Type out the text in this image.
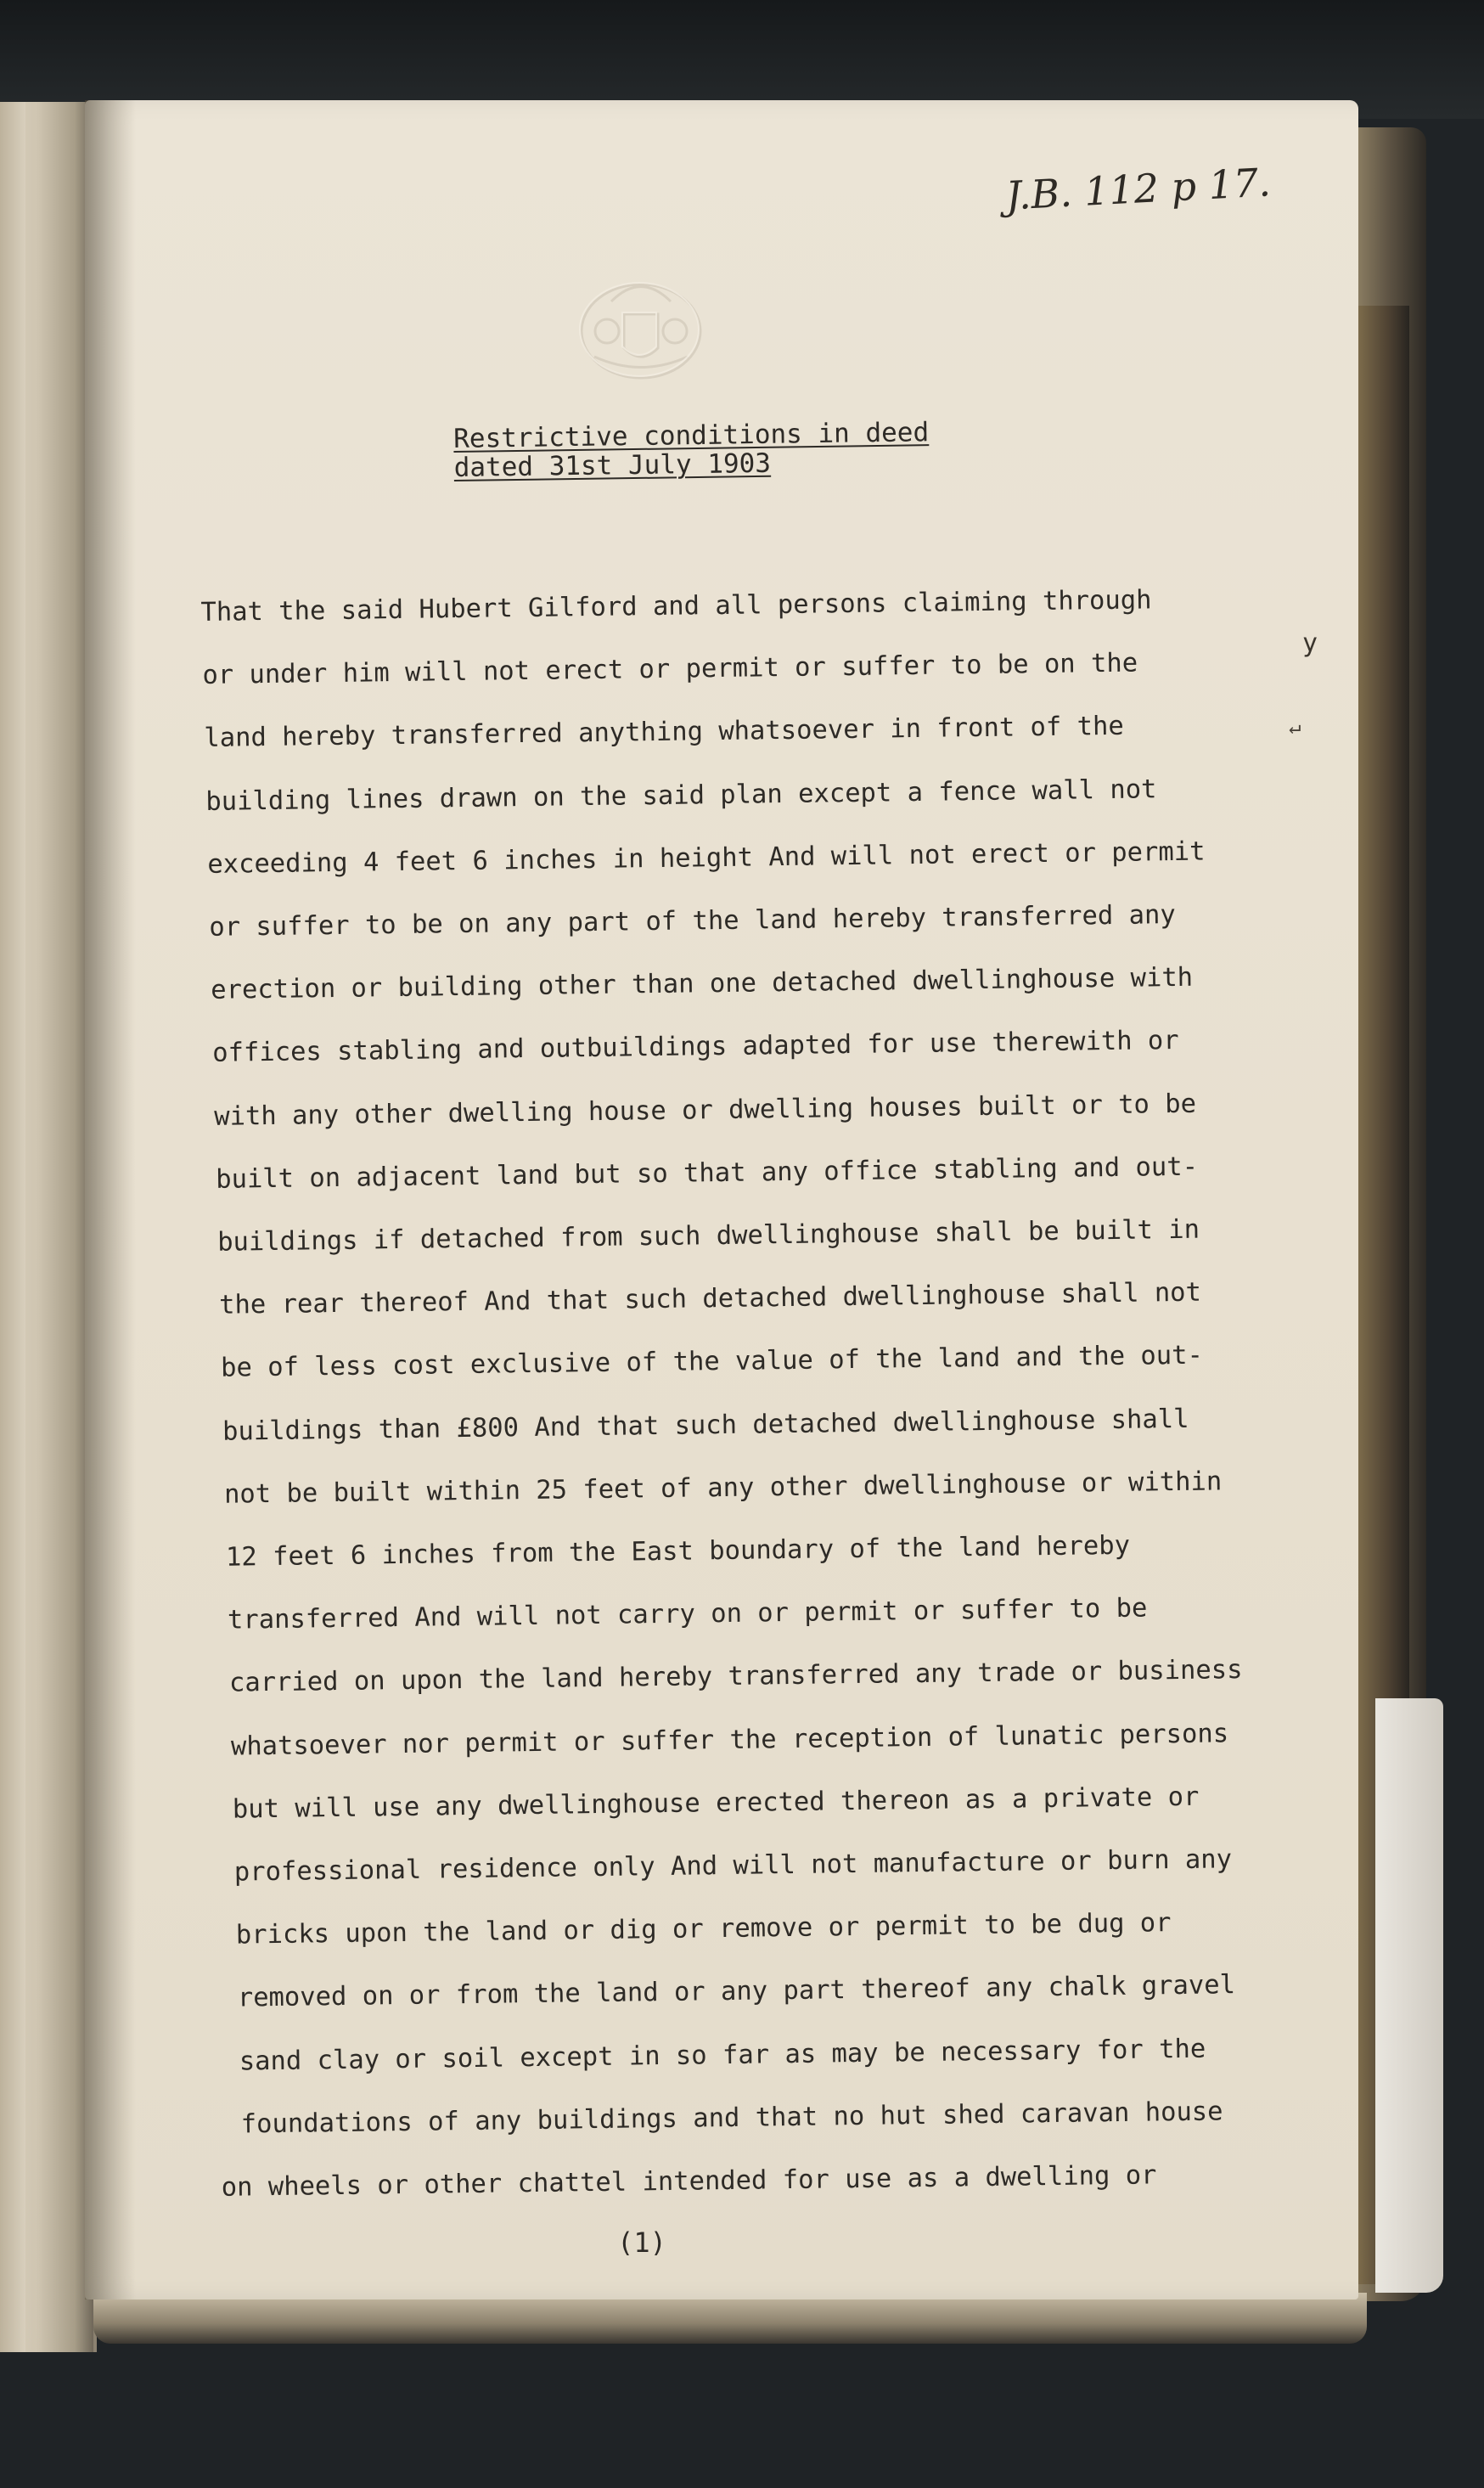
J.B. 112 p 17.
Restrictive conditions in deed
dated 31st July 1903
That the said Hubert Gilford and all persons claiming through
or under him will not erect or permit or suffer to be on the
land hereby transferred anything whatsoever in front of the
building lines drawn on the said plan except a fence wall not
exceeding 4 feet 6 inches in height And will not erect or permit
or suffer to be on any part of the land hereby transferred any
erection or building other than one detached dwellinghouse with
offices stabling and outbuildings adapted for use therewith or
with any other dwelling house or dwelling houses built or to be
built on adjacent land but so that any office stabling and out-
buildings if detached from such dwellinghouse shall be built in
the rear thereof And that such detached dwellinghouse shall not
be of less cost exclusive of the value of the land and the out-
buildings than £800 And that such detached dwellinghouse shall
not be built within 25 feet of any other dwellinghouse or within
12 feet 6 inches from the East boundary of the land hereby
transferred And will not carry on or permit or suffer to be
carried on upon the land hereby transferred any trade or business
whatsoever nor permit or suffer the reception of lunatic persons
but will use any dwellinghouse erected thereon as a private or
professional residence only And will not manufacture or burn any
bricks upon the land or dig or remove or permit to be dug or
removed on or from the land or any part thereof any chalk gravel
sand clay or soil except in so far as may be necessary for the
foundations of any buildings and that no hut shed caravan house
on wheels or other chattel intended for use as a dwelling or
y
↵
(1)
